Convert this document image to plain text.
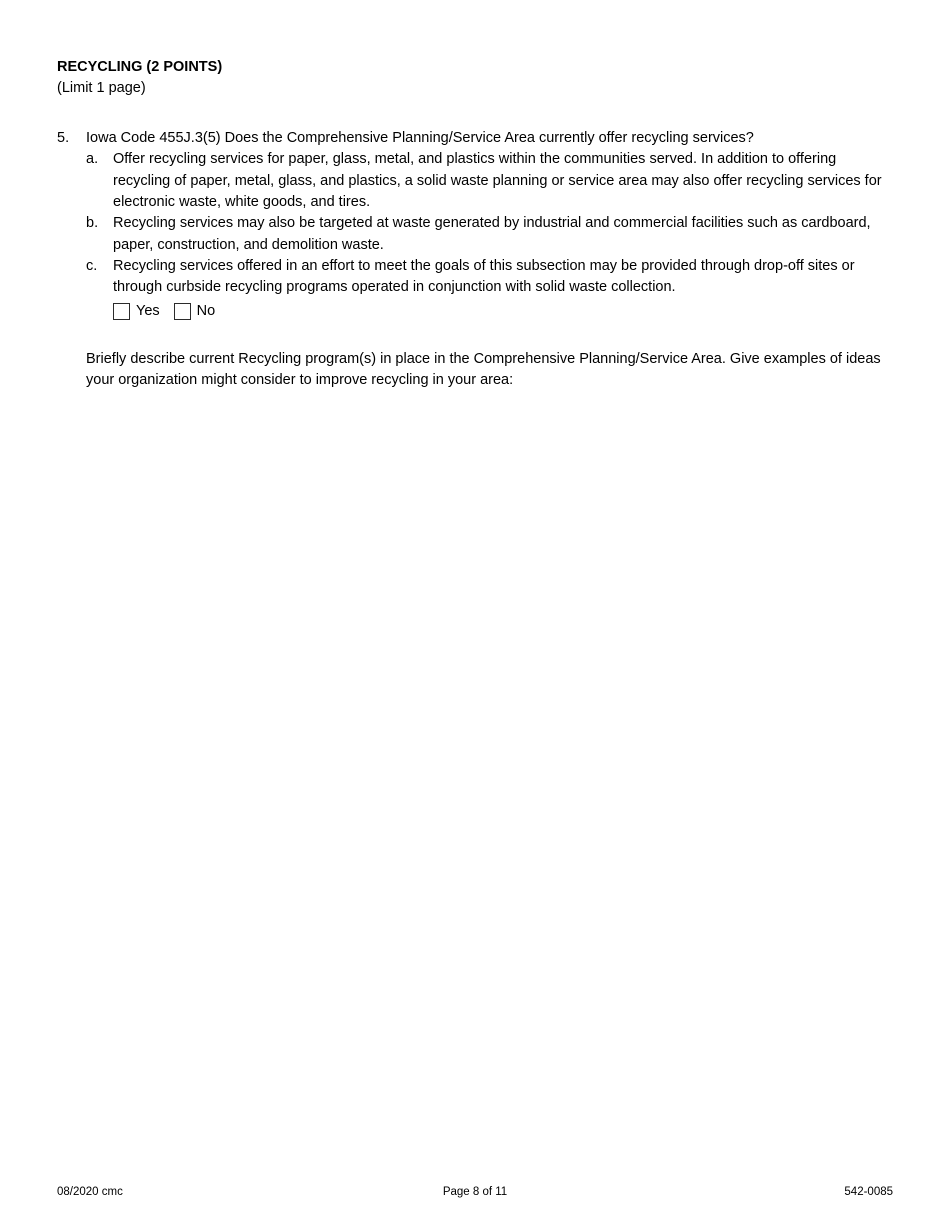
RECYCLING (2 POINTS)
(Limit 1 page)
5.	Iowa Code 455J.3(5) Does the Comprehensive Planning/Service Area currently offer recycling services?
a.	Offer recycling services for paper, glass, metal, and plastics within the communities served. In addition to offering recycling of paper, metal, glass, and plastics, a solid waste planning or service area may also offer recycling services for electronic waste, white goods, and tires.
b.	Recycling services may also be targeted at waste generated by industrial and commercial facilities such as cardboard, paper, construction, and demolition waste.
c.	Recycling services offered in an effort to meet the goals of this subsection may be provided through drop-off sites or through curbside recycling programs operated in conjunction with solid waste collection.
Yes	No
Briefly describe current Recycling program(s) in place in the Comprehensive Planning/Service Area. Give examples of ideas your organization might consider to improve recycling in your area:
08/2020 cmc	Page 8 of 11	542-0085
